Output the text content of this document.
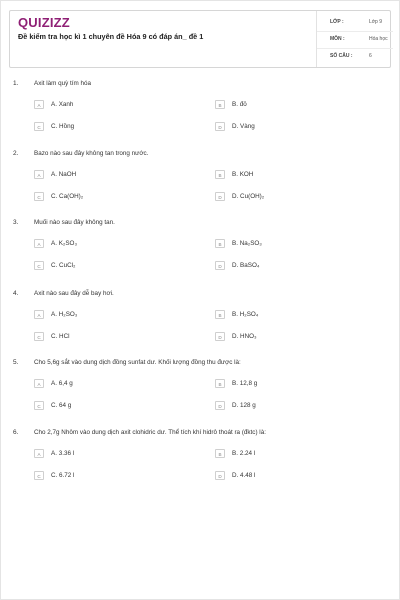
QUIZIZZ
Đề kiểm tra học kì 1 chuyên đề Hóa 9 có đáp án_ đề 1
LỚP :	Lớp 9
MÔN :	Hóa học
SỐ CÂU :	6
1. Axit làm quỳ tím hóa
A	A. Xanh	B	B. đỏ
C	C. Hồng	D	D. Vàng
2. Bazo nào sau đây không tan trong nước.
A	A. NaOH	B	B. KOH
C	C. Ca(OH)₂	D	D. Cu(OH)₂
3. Muối nào sau đây không tan.
A	A. K₂SO₃	B	B. Na₂SO₃
C	C. CuCl₂	D	D. BaSO₄
4. Axit nào sau đây dễ bay hơi.
A	A. H₂SO₃	B	B. H₂SO₄
C	C. HCl	D	D. HNO₃
5. Cho 5,6g sắt vào dung dịch đồng sunfat dư. Khối lượng đồng thu được là:
A	A. 6,4 g	B	B. 12,8 g
C	C. 64 g	D	D. 128 g
6. Cho 2,7g Nhôm vào dung dịch axit clohidric dư. Thể tích khí hidrô thoát ra (đktc) là:
A	A. 3.36 l	B	B. 2.24 l
C	C. 6.72 l	D	D. 4.48 l
